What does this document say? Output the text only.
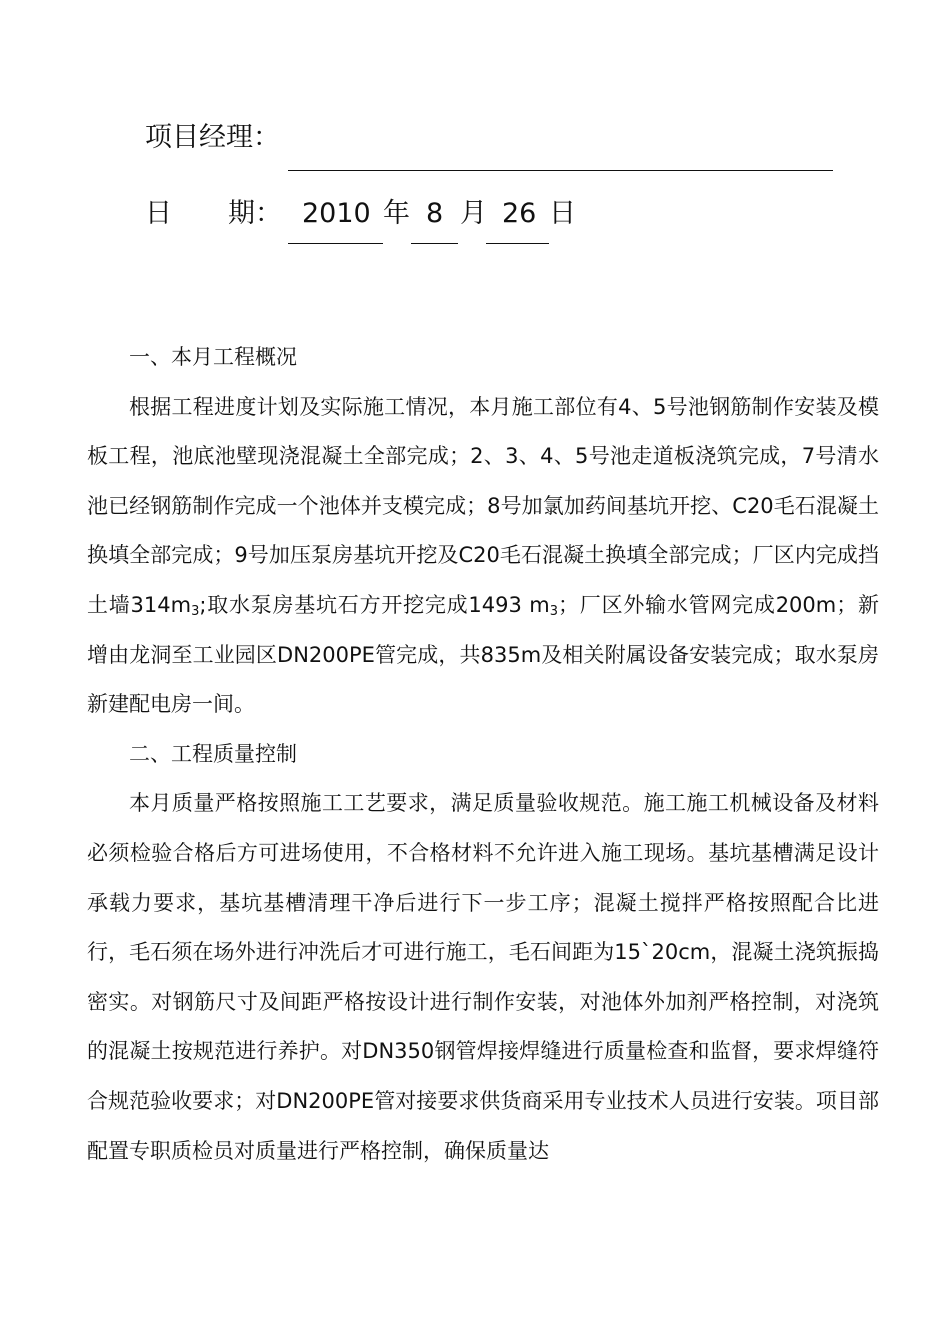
项目经理：
日 期： 2010 年 8 月 26 日

一、本月工程概况

根据工程进度计划及实际施工情况，本月施工部位有4、5号池钢筋制作安装及模板工程，池底池壁现浇混凝土全部完成；2、3、4、5号池走道板浇筑完成，7号清水池已经钢筋制作完成一个池体并支模完成；8号加氯加药间基坑开挖、C20毛石混凝土换填全部完成；9号加压泵房基坑开挖及C20毛石混凝土换填全部完成；厂区内完成挡土墙$314m_3$;取水泵房基坑石方开挖完成1493 $m_3$；厂区外输水管网完成200m；新增由龙洞至工业园区DN200PE管完成，共835m及相关附属设备安装完成；取水泵房新建配电房一间。

二、工程质量控制

本月质量严格按照施工工艺要求，满足质量验收规范。施工施工机械设备及材料必须检验合格后方可进场使用，不合格材料不允许进入施工现场。基坑基槽满足设计承载力要求，基坑基槽清理干净后进行下一步工序；混凝土搅拌严格按照配合比进行，毛石须在场外进行冲洗后才可进行施工，毛石间距为15`20cm，混凝土浇筑振捣密实。对钢筋尺寸及间距严格按设计进行制作安装，对池体外加剂严格控制，对浇筑的混凝土按规范进行养护。对DN350钢管焊接焊缝进行质量检查和监督，要求焊缝符合规范验收要求；对DN200PE管对接要求供货商采用专业技术人员进行安装。项目部配置专职质检员对质量进行严格控制，确保质量达
